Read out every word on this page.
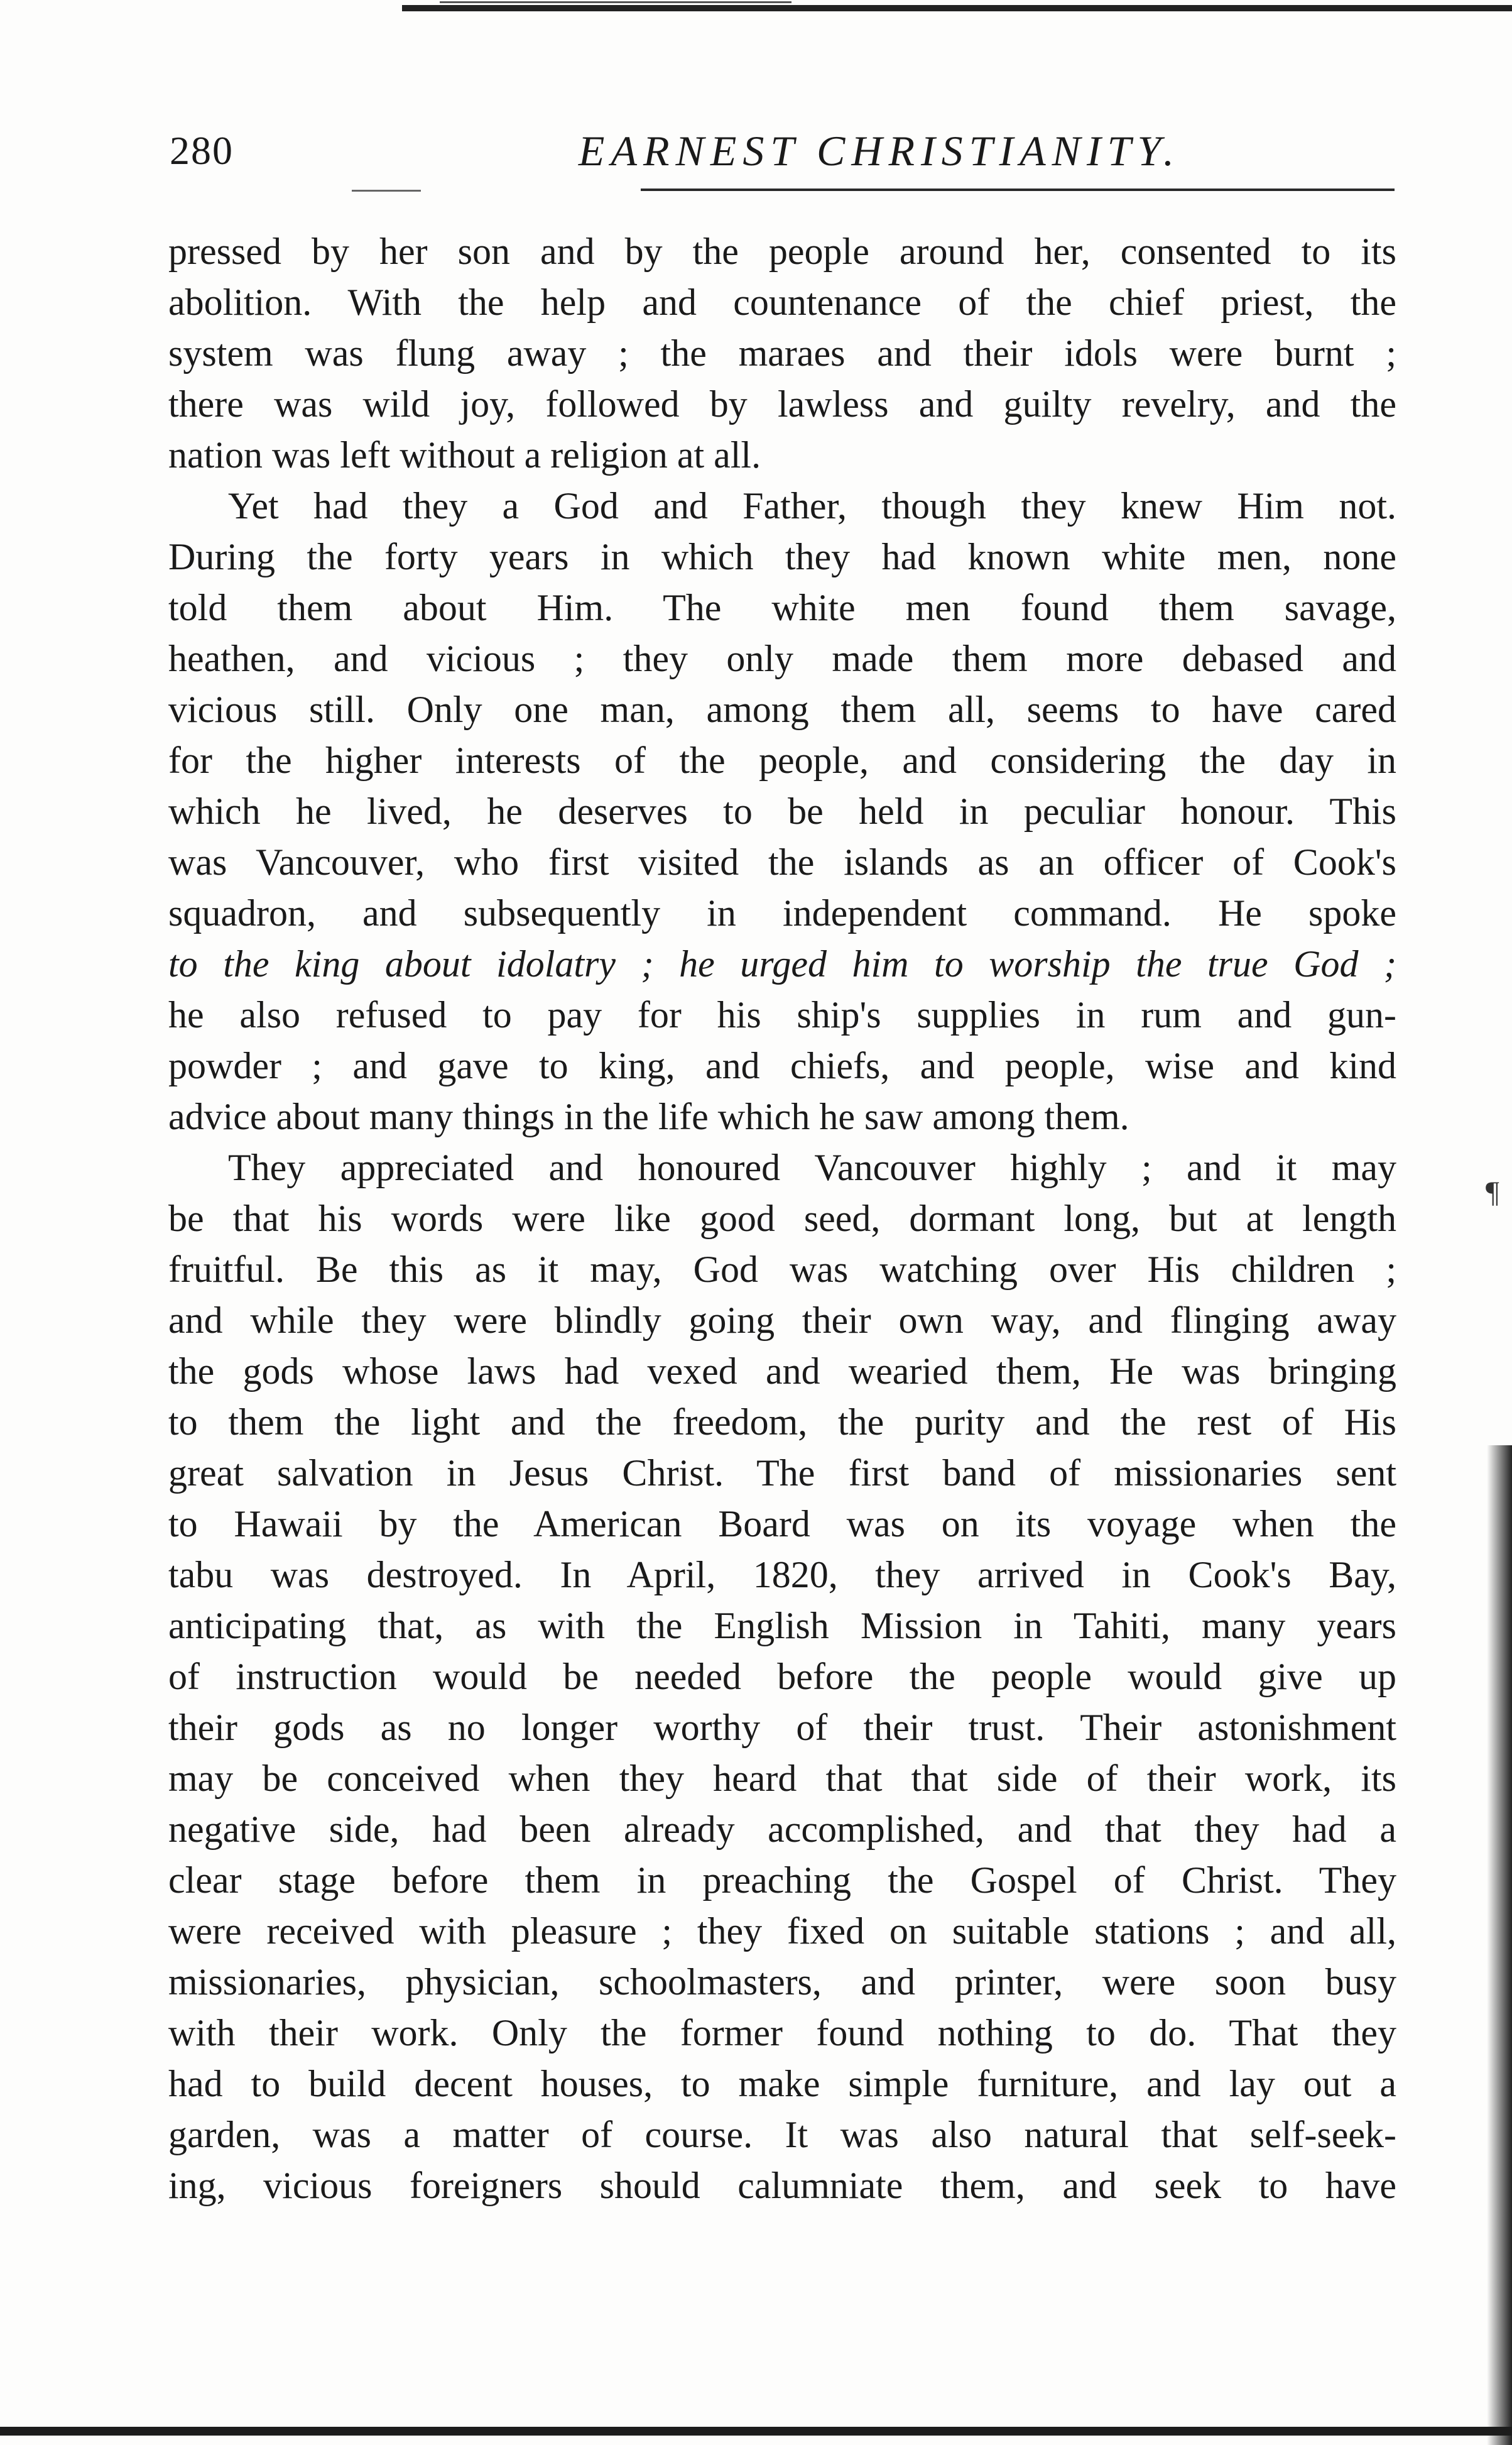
280	EARNEST CHRISTIANITY.
pressed by her son and by the people around her, consented to its
abolition. With the help and countenance of the chief priest, the
system was flung away ; the maraes and their idols were burnt ;
there was wild joy, followed by lawless and guilty revelry, and the
nation was left without a religion at all.
Yet had they a God and Father, though they knew Him not.
During the forty years in which they had known white men, none
told them about Him. The white men found them savage,
heathen, and vicious ; they only made them more debased and
vicious still. Only one man, among them all, seems to have cared
for the higher interests of the people, and considering the day in
which he lived, he deserves to be held in peculiar honour. This
was Vancouver, who first visited the islands as an officer of Cook's
squadron, and subsequently in independent command. He spoke
to the king about idolatry ; he urged him to worship the true God ;
he also refused to pay for his ship's supplies in rum and gun-
powder ; and gave to king, and chiefs, and people, wise and kind
advice about many things in the life which he saw among them.
They appreciated and honoured Vancouver highly ; and it may
be that his words were like good seed, dormant long, but at length
fruitful. Be this as it may, God was watching over His children ;
and while they were blindly going their own way, and flinging away
the gods whose laws had vexed and wearied them, He was bringing
to them the light and the freedom, the purity and the rest of His
great salvation in Jesus Christ. The first band of missionaries sent
to Hawaii by the American Board was on its voyage when the
tabu was destroyed. In April, 1820, they arrived in Cook's Bay,
anticipating that, as with the English Mission in Tahiti, many years
of instruction would be needed before the people would give up
their gods as no longer worthy of their trust. Their astonishment
may be conceived when they heard that that side of their work, its
negative side, had been already accomplished, and that they had a
clear stage before them in preaching the Gospel of Christ. They
were received with pleasure ; they fixed on suitable stations ; and all,
missionaries, physician, schoolmasters, and printer, were soon busy
with their work. Only the former found nothing to do. That they
had to build decent houses, to make simple furniture, and lay out a
garden, was a matter of course. It was also natural that self-seek-
ing, vicious foreigners should calumniate them, and seek to have
¶
